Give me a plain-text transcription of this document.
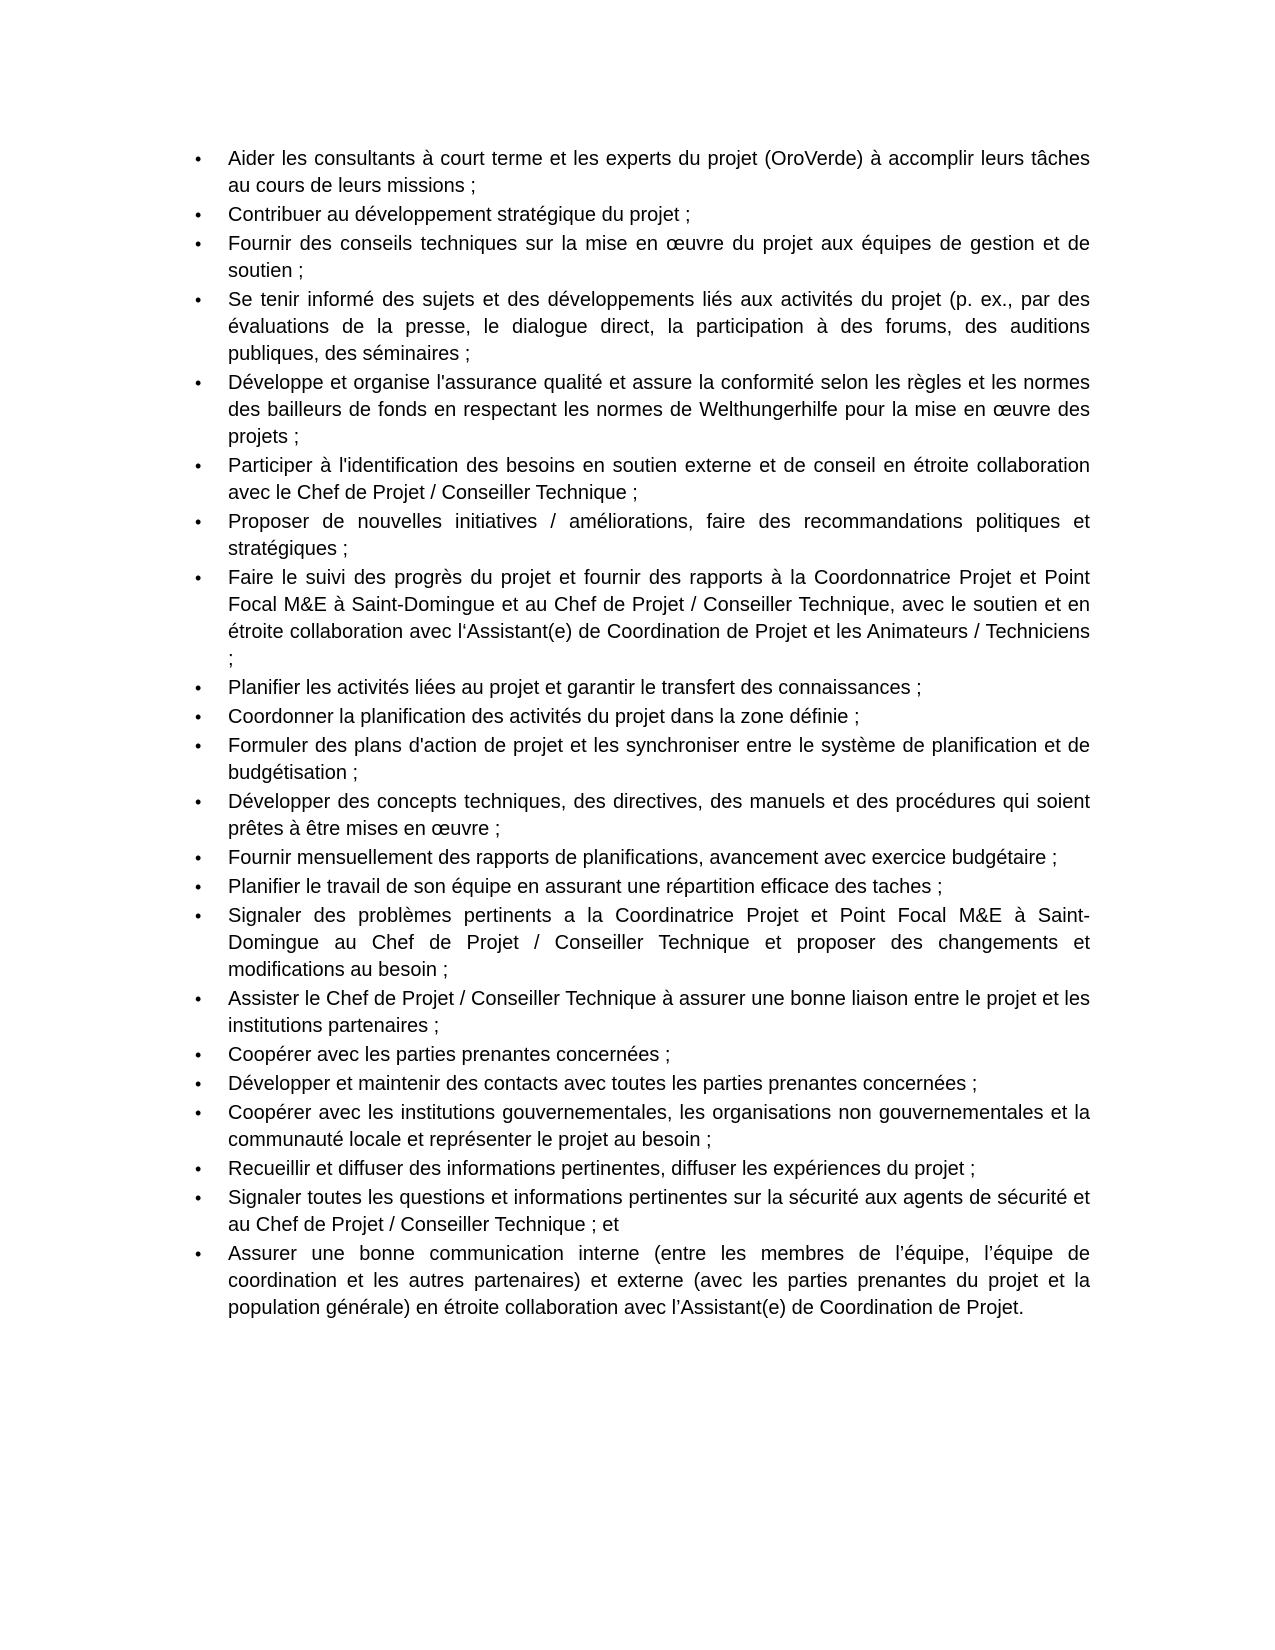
• Aider les consultants à court terme et les experts du projet (OroVerde) à accomplir leurs tâches au cours de leurs missions ;
• Contribuer au développement stratégique du projet ;
• Fournir des conseils techniques sur la mise en œuvre du projet aux équipes de gestion et de soutien ;
• Se tenir informé des sujets et des développements liés aux activités du projet (p. ex., par des évaluations de la presse, le dialogue direct, la participation à des forums, des auditions publiques, des séminaires ;
• Développe et organise l'assurance qualité et assure la conformité selon les règles et les normes des bailleurs de fonds en respectant les normes de Welthungerhilfe pour la mise en œuvre des projets ;
• Participer à l'identification des besoins en soutien externe et de conseil en étroite collaboration avec le Chef de Projet / Conseiller Technique ;
• Proposer de nouvelles initiatives / améliorations, faire des recommandations politiques et stratégiques ;
• Faire le suivi des progrès du projet et fournir des rapports à la Coordonnatrice Projet et Point Focal M&E à Saint-Domingue et au Chef de Projet / Conseiller Technique, avec le soutien et en étroite collaboration avec l‘Assistant(e) de Coordination de Projet et les Animateurs / Techniciens ;
• Planifier les activités liées au projet et garantir le transfert des connaissances ;
• Coordonner la planification des activités du projet dans la zone définie ;
• Formuler des plans d'action de projet et les synchroniser entre le système de planification et de budgétisation ;
• Développer des concepts techniques, des directives, des manuels et des procédures qui soient prêtes à être mises en œuvre ;
• Fournir mensuellement des rapports de planifications, avancement avec exercice budgétaire ;
• Planifier le travail de son équipe en assurant une répartition efficace des taches ;
• Signaler des problèmes pertinents a la Coordinatrice Projet et Point Focal M&E à Saint-Domingue au Chef de Projet / Conseiller Technique et proposer des changements et modifications au besoin ;
• Assister le Chef de Projet / Conseiller Technique à assurer une bonne liaison entre le projet et les institutions partenaires ;
• Coopérer avec les parties prenantes concernées ;
• Développer et maintenir des contacts avec toutes les parties prenantes concernées ;
• Coopérer avec les institutions gouvernementales, les organisations non gouvernementales et la communauté locale et représenter le projet au besoin ;
• Recueillir et diffuser des informations pertinentes, diffuser les expériences du projet ;
• Signaler toutes les questions et informations pertinentes sur la sécurité aux agents de sécurité et au Chef de Projet / Conseiller Technique ; et
• Assurer une bonne communication interne (entre les membres de l’équipe, l’équipe de coordination et les autres partenaires) et externe (avec les parties prenantes du projet et la population générale) en étroite collaboration avec l’Assistant(e) de Coordination de Projet.
